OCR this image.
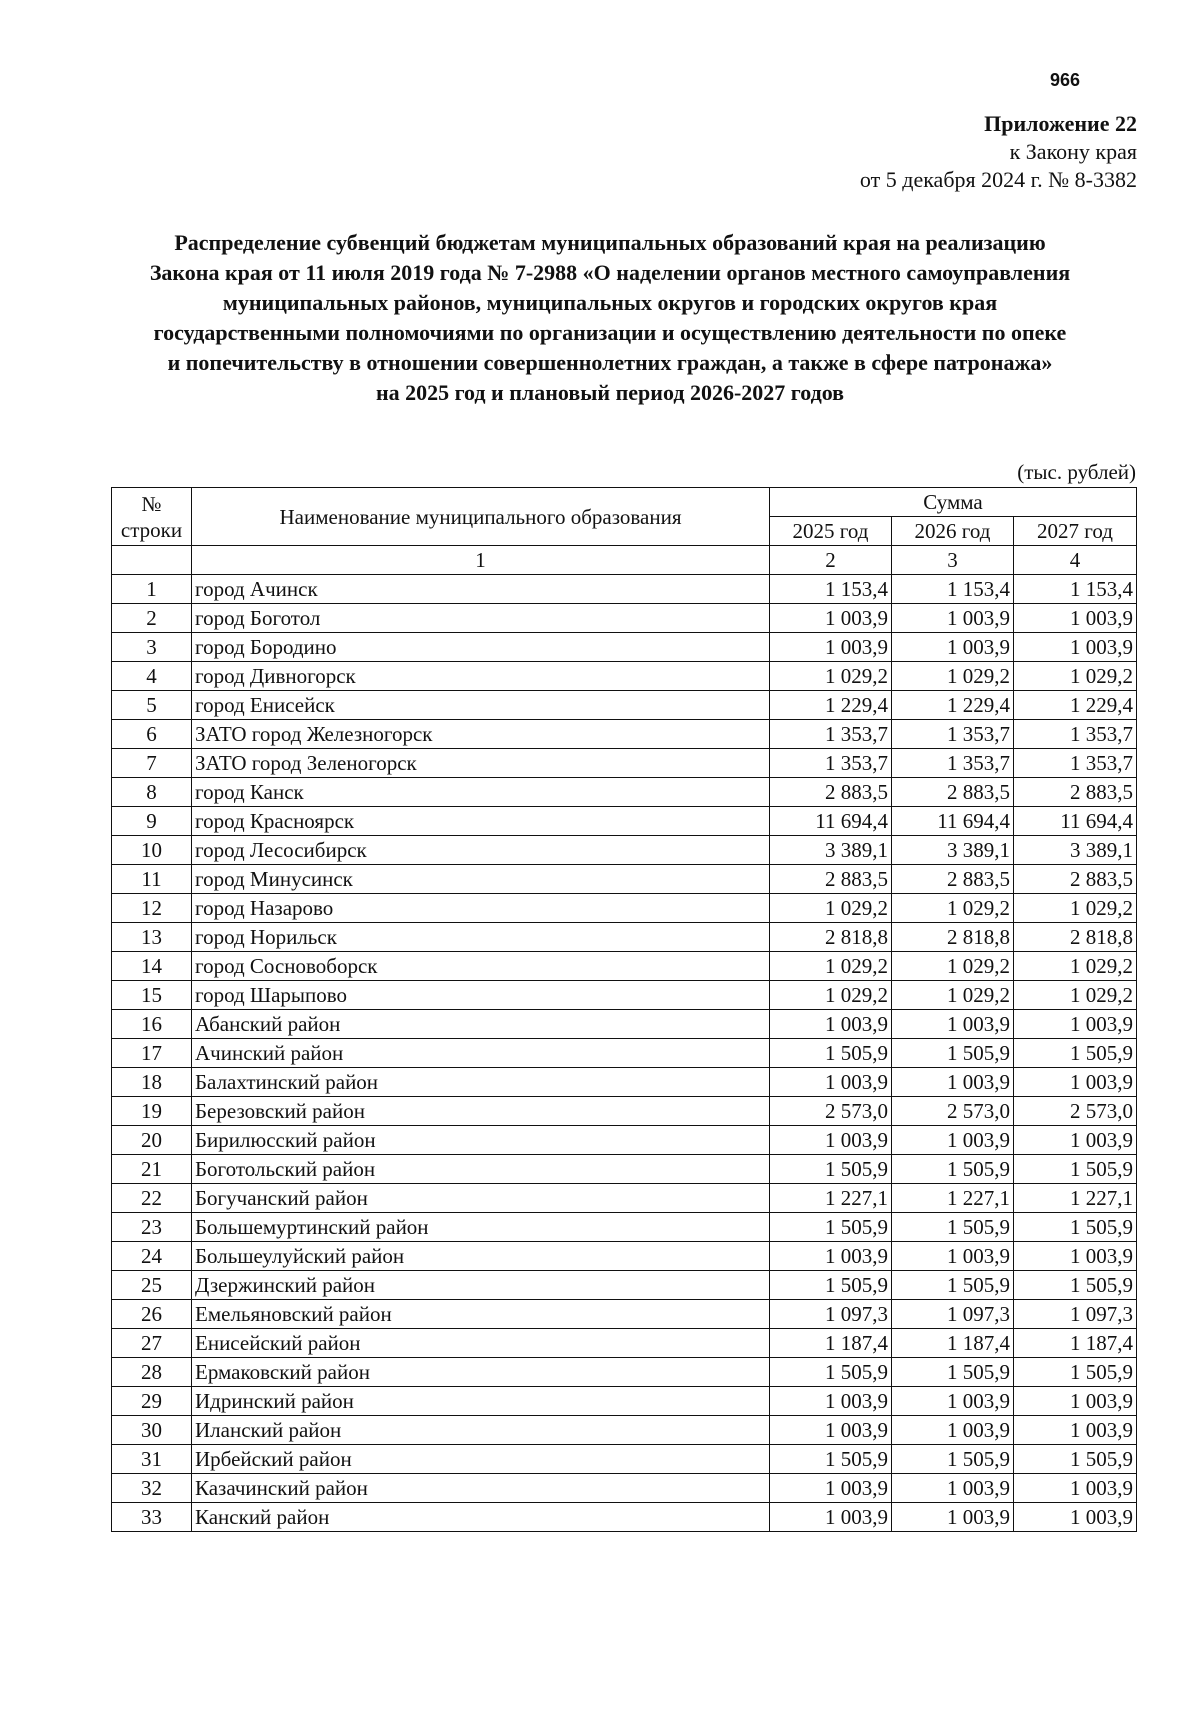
966
Приложение 22
к Закону края
от 5 декабря 2024 г. № 8-3382
Распределение субвенций бюджетам муниципальных образований края на реализацию
Закона края от 11 июля 2019 года № 7-2988 «О наделении органов местного самоуправления
муниципальных районов, муниципальных округов и городских округов края
государственными полномочиями по организации и осуществлению деятельности по опеке
и попечительству в отношении совершеннолетних граждан, а также в сфере патронажа»
на 2025 год и плановый период 2026-2027 годов
(тыс. рублей)
№
строки	Наименование муниципального образования	Сумма		
		2025 год	2026 год	2027 год
	1	2	3	4
1	город Ачинск	1 153,4	1 153,4	1 153,4
2	город Боготол	1 003,9	1 003,9	1 003,9
3	город Бородино	1 003,9	1 003,9	1 003,9
4	город Дивногорск	1 029,2	1 029,2	1 029,2
5	город Енисейск	1 229,4	1 229,4	1 229,4
6	ЗАТО город Железногорск	1 353,7	1 353,7	1 353,7
7	ЗАТО город Зеленогорск	1 353,7	1 353,7	1 353,7
8	город Канск	2 883,5	2 883,5	2 883,5
9	город Красноярск	11 694,4	11 694,4	11 694,4
10	город Лесосибирск	3 389,1	3 389,1	3 389,1
11	город Минусинск	2 883,5	2 883,5	2 883,5
12	город Назарово	1 029,2	1 029,2	1 029,2
13	город Норильск	2 818,8	2 818,8	2 818,8
14	город Сосновоборск	1 029,2	1 029,2	1 029,2
15	город Шарыпово	1 029,2	1 029,2	1 029,2
16	Абанский район	1 003,9	1 003,9	1 003,9
17	Ачинский район	1 505,9	1 505,9	1 505,9
18	Балахтинский район	1 003,9	1 003,9	1 003,9
19	Березовский район	2 573,0	2 573,0	2 573,0
20	Бирилюсский район	1 003,9	1 003,9	1 003,9
21	Боготольский район	1 505,9	1 505,9	1 505,9
22	Богучанский район	1 227,1	1 227,1	1 227,1
23	Большемуртинский район	1 505,9	1 505,9	1 505,9
24	Большеулуйский район	1 003,9	1 003,9	1 003,9
25	Дзержинский район	1 505,9	1 505,9	1 505,9
26	Емельяновский район	1 097,3	1 097,3	1 097,3
27	Енисейский район	1 187,4	1 187,4	1 187,4
28	Ермаковский район	1 505,9	1 505,9	1 505,9
29	Идринский район	1 003,9	1 003,9	1 003,9
30	Иланский район	1 003,9	1 003,9	1 003,9
31	Ирбейский район	1 505,9	1 505,9	1 505,9
32	Казачинский район	1 003,9	1 003,9	1 003,9
33	Канский район	1 003,9	1 003,9	1 003,9
